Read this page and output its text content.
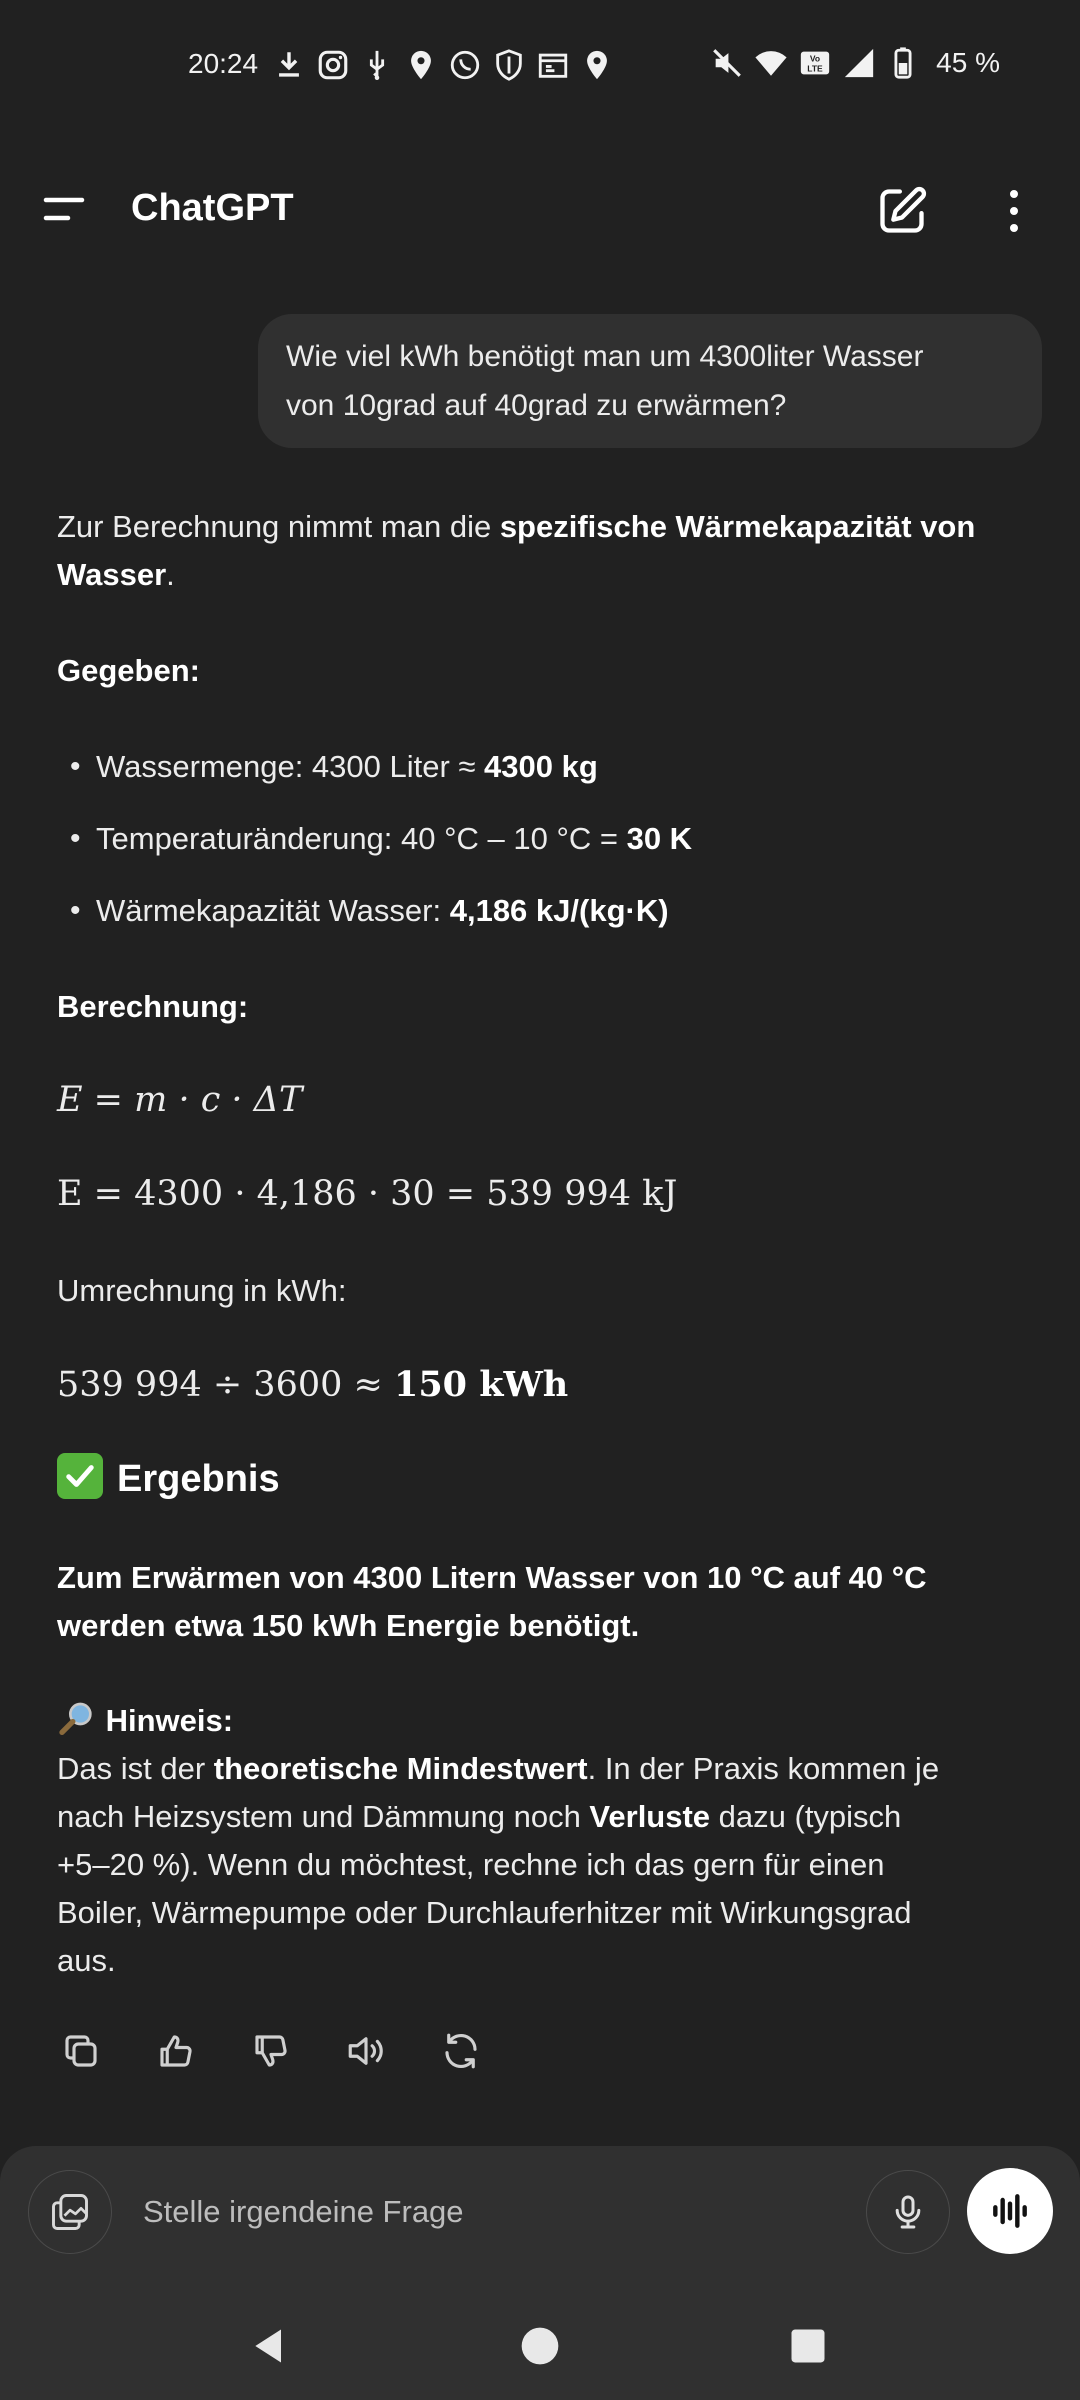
20:24	Vo
LTE	45 %
ChatGPT
Wie viel kWh benötigt man um 4300liter Wasser
von 10grad auf 40grad zu erwärmen?
Zur Berechnung nimmt man die spezifische Wärmekapazität von
Wasser.
Gegeben:
• Wassermenge: 4300 Liter ≈ 4300 kg
• Temperaturänderung: 40 °C – 10 °C = 30 K
• Wärmekapazität Wasser: 4,186 kJ/(kg·K)
Berechnung:
E = m · c · ΔT
E = 4300 · 4,186 · 30 = 539 994 kJ
Umrechnung in kWh:
539 994 ÷ 3600 ≈ 150 kWh
Ergebnis
Zum Erwärmen von 4300 Litern Wasser von 10 °C auf 40 °C
werden etwa 150 kWh Energie benötigt.
Hinweis:
Das ist der theoretische Mindestwert. In der Praxis kommen je
nach Heizsystem und Dämmung noch Verluste dazu (typisch
+5–20 %). Wenn du möchtest, rechne ich das gern für einen
Boiler, Wärmepumpe oder Durchlauferhitzer mit Wirkungsgrad
aus.
Stelle irgendeine Frage
